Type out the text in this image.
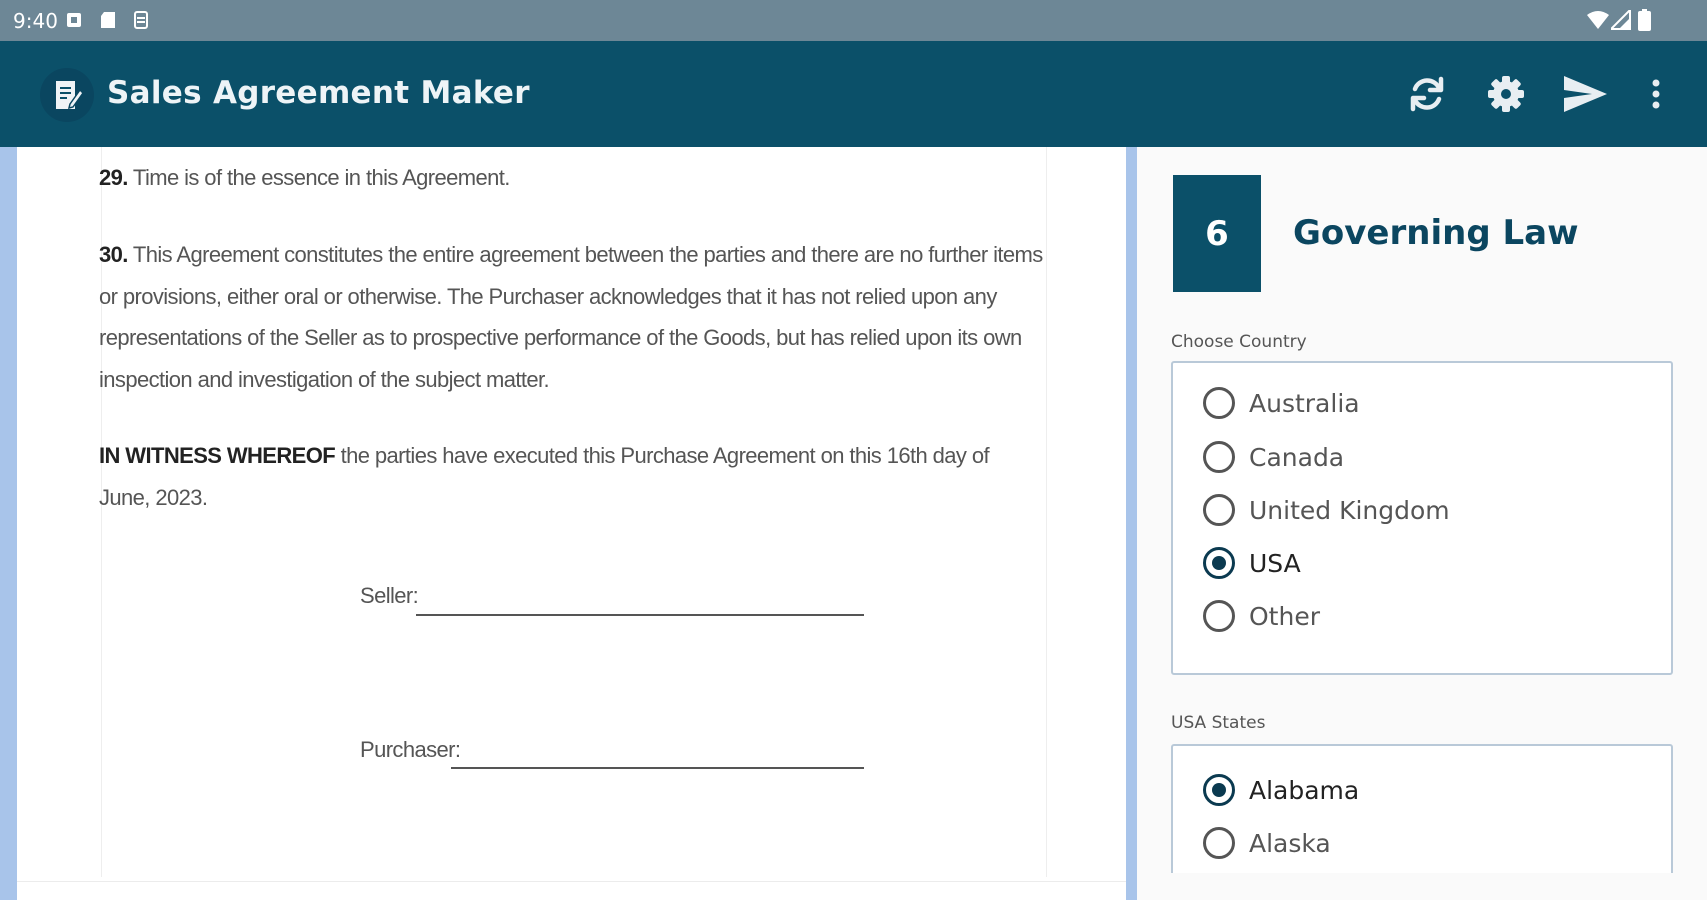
9:40
Sales Agreement Maker
29. Time is of the essence in this Agreement.
30. This Agreement constitutes the entire agreement between the parties and there are no further items or provisions, either oral or otherwise. The Purchaser acknowledges that it has not relied upon any representations of the Seller as to prospective performance of the Goods, but has relied upon its own inspection and investigation of the subject matter.
IN WITNESS WHEREOF the parties have executed this Purchase Agreement on this 16th day of June, 2023.
Seller:
Purchaser:
6	Governing Law
Choose Country
Australia
Canada
United Kingdom
USA
Other
USA States
Alabama
Alaska
